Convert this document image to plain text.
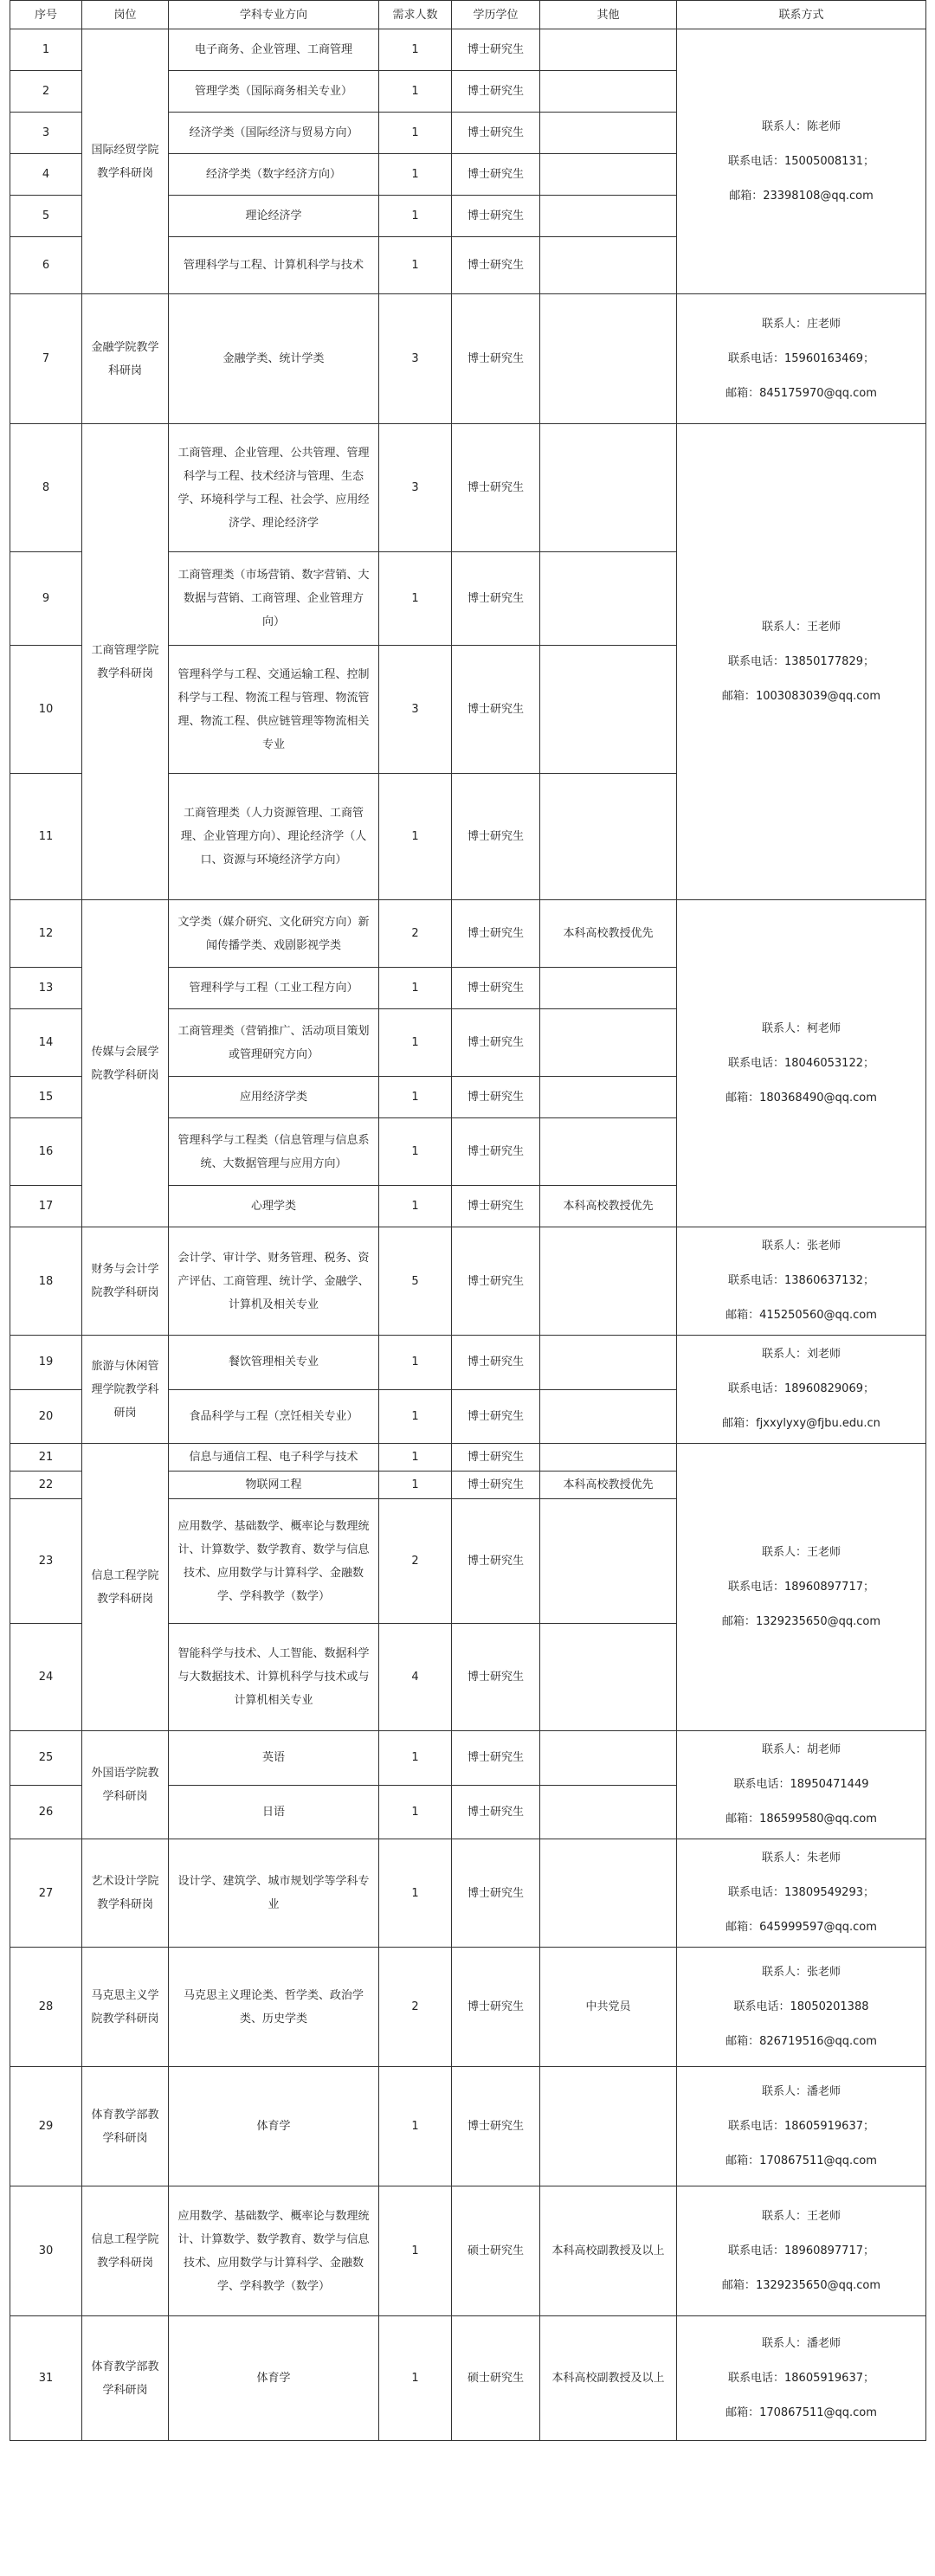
序号	岗位	学科专业方向	需求人数	学历学位	其他	联系方式
1	国际经贸学院教学科研岗	电子商务、企业管理、工商管理	1	博士研究生		联系人：陈老师
联系电话：15005008131；
邮箱：23398108@qq.com

2		管理学类（国际商务相关专业）	1	博士研究生		
3		经济学类（国际经济与贸易方向）	1	博士研究生		
4		经济学类（数字经济方向）	1	博士研究生		
5		理论经济学	1	博士研究生		
6		管理科学与工程、计算机科学与技术	1	博士研究生		
7	金融学院教学科研岗	金融学类、统计学类	3	博士研究生		联系人：庄老师
联系电话：15960163469；
邮箱：845175970@qq.com

8	工商管理学院教学科研岗	工商管理、企业管理、公共管理、管理科学与工程、技术经济与管理、生态学、环境科学与工程、社会学、应用经济学、理论经济学	3	博士研究生		联系人：王老师
联系电话：13850177829；
邮箱：1003083039@qq.com

9		工商管理类（市场营销、数字营销、大数据与营销、工商管理、企业管理方向）	1	博士研究生		
10		管理科学与工程、交通运输工程、控制科学与工程、物流工程与管理、物流管理、物流工程、供应链管理等物流相关专业	3	博士研究生		
11		工商管理类（人力资源管理、工商管理、企业管理方向）、理论经济学（人口、资源与环境经济学方向）	1	博士研究生		
12	传媒与会展学院教学科研岗	文学类（媒介研究、文化研究方向）新闻传播学类、戏剧影视学类	2	博士研究生	本科高校教授优先	联系人：柯老师
联系电话：18046053122；
邮箱：180368490@qq.com

13		管理科学与工程（工业工程方向）	1	博士研究生		
14		工商管理类（营销推广、活动项目策划或管理研究方向）	1	博士研究生		
15		应用经济学类	1	博士研究生		
16		管理科学与工程类（信息管理与信息系统、大数据管理与应用方向）	1	博士研究生		
17		心理学类	1	博士研究生	本科高校教授优先	
18	财务与会计学院教学科研岗	会计学、审计学、财务管理、税务、资产评估、工商管理、统计学、金融学、计算机及相关专业	5	博士研究生		联系人：张老师
联系电话：13860637132；
邮箱：415250560@qq.com

19	旅游与休闲管理学院教学科研岗	餐饮管理相关专业	1	博士研究生		联系人：刘老师
联系电话：18960829069；
邮箱：fjxxylyxy@fjbu.edu.cn

20		食品科学与工程（烹饪相关专业）	1	博士研究生		
21	信息工程学院教学科研岗	信息与通信工程、电子科学与技术	1	博士研究生		联系人：王老师
联系电话：18960897717；
邮箱：1329235650@qq.com

22		物联网工程	1	博士研究生	本科高校教授优先	
23		应用数学、基础数学、概率论与数理统计、计算数学、数学教育、数学与信息技术、应用数学与计算科学、金融数学、学科教学（数学）	2	博士研究生		
24		智能科学与技术、人工智能、数据科学与大数据技术、计算机科学与技术或与计算机相关专业	4	博士研究生		
25	外国语学院教学科研岗	英语	1	博士研究生		联系人：胡老师
联系电话：18950471449
邮箱：186599580@qq.com

26		日语	1	博士研究生		
27	艺术设计学院教学科研岗	设计学、建筑学、城市规划学等学科专业	1	博士研究生		联系人：朱老师
联系电话：13809549293；
邮箱：645999597@qq.com

28	马克思主义学院教学科研岗	马克思主义理论类、哲学类、政治学类、历史学类	2	博士研究生	中共党员	联系人：张老师
联系电话：18050201388
邮箱：826719516@qq.com

29	体育教学部教学科研岗	体育学	1	博士研究生		联系人：潘老师
联系电话：18605919637；
邮箱：170867511@qq.com

30	信息工程学院教学科研岗	应用数学、基础数学、概率论与数理统计、计算数学、数学教育、数学与信息技术、应用数学与计算科学、金融数学、学科教学（数学）	1	硕士研究生	本科高校副教授及以上	联系人：王老师
联系电话：18960897717；
邮箱：1329235650@qq.com

31	体育教学部教学科研岗	体育学	1	硕士研究生	本科高校副教授及以上	联系人：潘老师
联系电话：18605919637；
邮箱：170867511@qq.com
